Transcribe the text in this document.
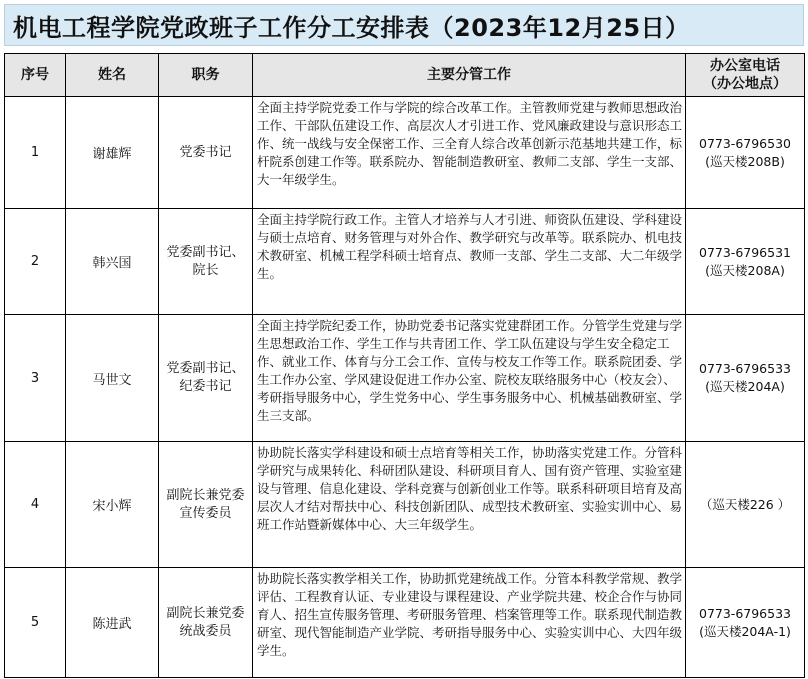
机电工程学院党政班子工作分工安排表（2023年12月25日）
序号	姓名	职务	主要分管工作	办公室电话
（办公地点）

1	谢雄辉	党委书记	全面主持学院党委工作与学院的综合改革工作。主管教师党建与教师思想政治工作、干部队伍建设工作、高层次人才引进工作、党风廉政建设与意识形态工作、统一战线与安全保密工作、三全育人综合改革创新示范基地共建工作，标杆院系创建工作等。联系院办、智能制造教研室、教师二支部、学生一支部、大一年级学生。	0773-6796530
(巡天楼208B)

2	韩兴国	党委副书记、院长	全面主持学院行政工作。主管人才培养与人才引进、师资队伍建设、学科建设与硕士点培育、财务管理与对外合作、教学研究与改革等。联系院办、机电技术教研室、机械工程学科硕士培育点、教师一支部、学生二支部、大二年级学生。	0773-6796531
(巡天楼208A)

3	马世文	党委副书记、纪委书记	全面主持学院纪委工作，协助党委书记落实党建群团工作。分管学生党建与学生思想政治工作、学生工作与共青团工作、学工队伍建设与学生安全稳定工作、就业工作、体育与分工会工作、宣传与校友工作等工作。联系院团委、学生工作办公室、学风建设促进工作办公室、院校友联络服务中心（校友会）、考研指导服务中心，学生党务中心、学生事务服务中心、机械基础教研室、学生三支部。	0773-6796533
(巡天楼204A)

4	宋小辉	副院长兼党委宣传委员	协助院长落实学科建设和硕士点培育等相关工作，协助落实党建工作。分管科学研究与成果转化、科研团队建设、科研项目育人、国有资产管理、实验室建设与管理、信息化建设、学科竞赛与创新创业工作等。联系科研项目培育及高层次人才结对帮扶中心、科技创新团队、成型技术教研室、实验实训中心、易班工作站暨新媒体中心、大三年级学生。	（巡天楼226 ）

5	陈进武	副院长兼党委统战委员	协助院长落实教学相关工作，协助抓党建统战工作。分管本科教学常规、教学评估、工程教育认证、专业建设与课程建设、产业学院共建、校企合作与协同育人、招生宣传服务管理、考研服务管理、档案管理等工作。联系现代制造教研室、现代智能制造产业学院、考研指导服务中心、实验实训中心、大四年级学生。	0773-6796533
(巡天楼204A-1)
